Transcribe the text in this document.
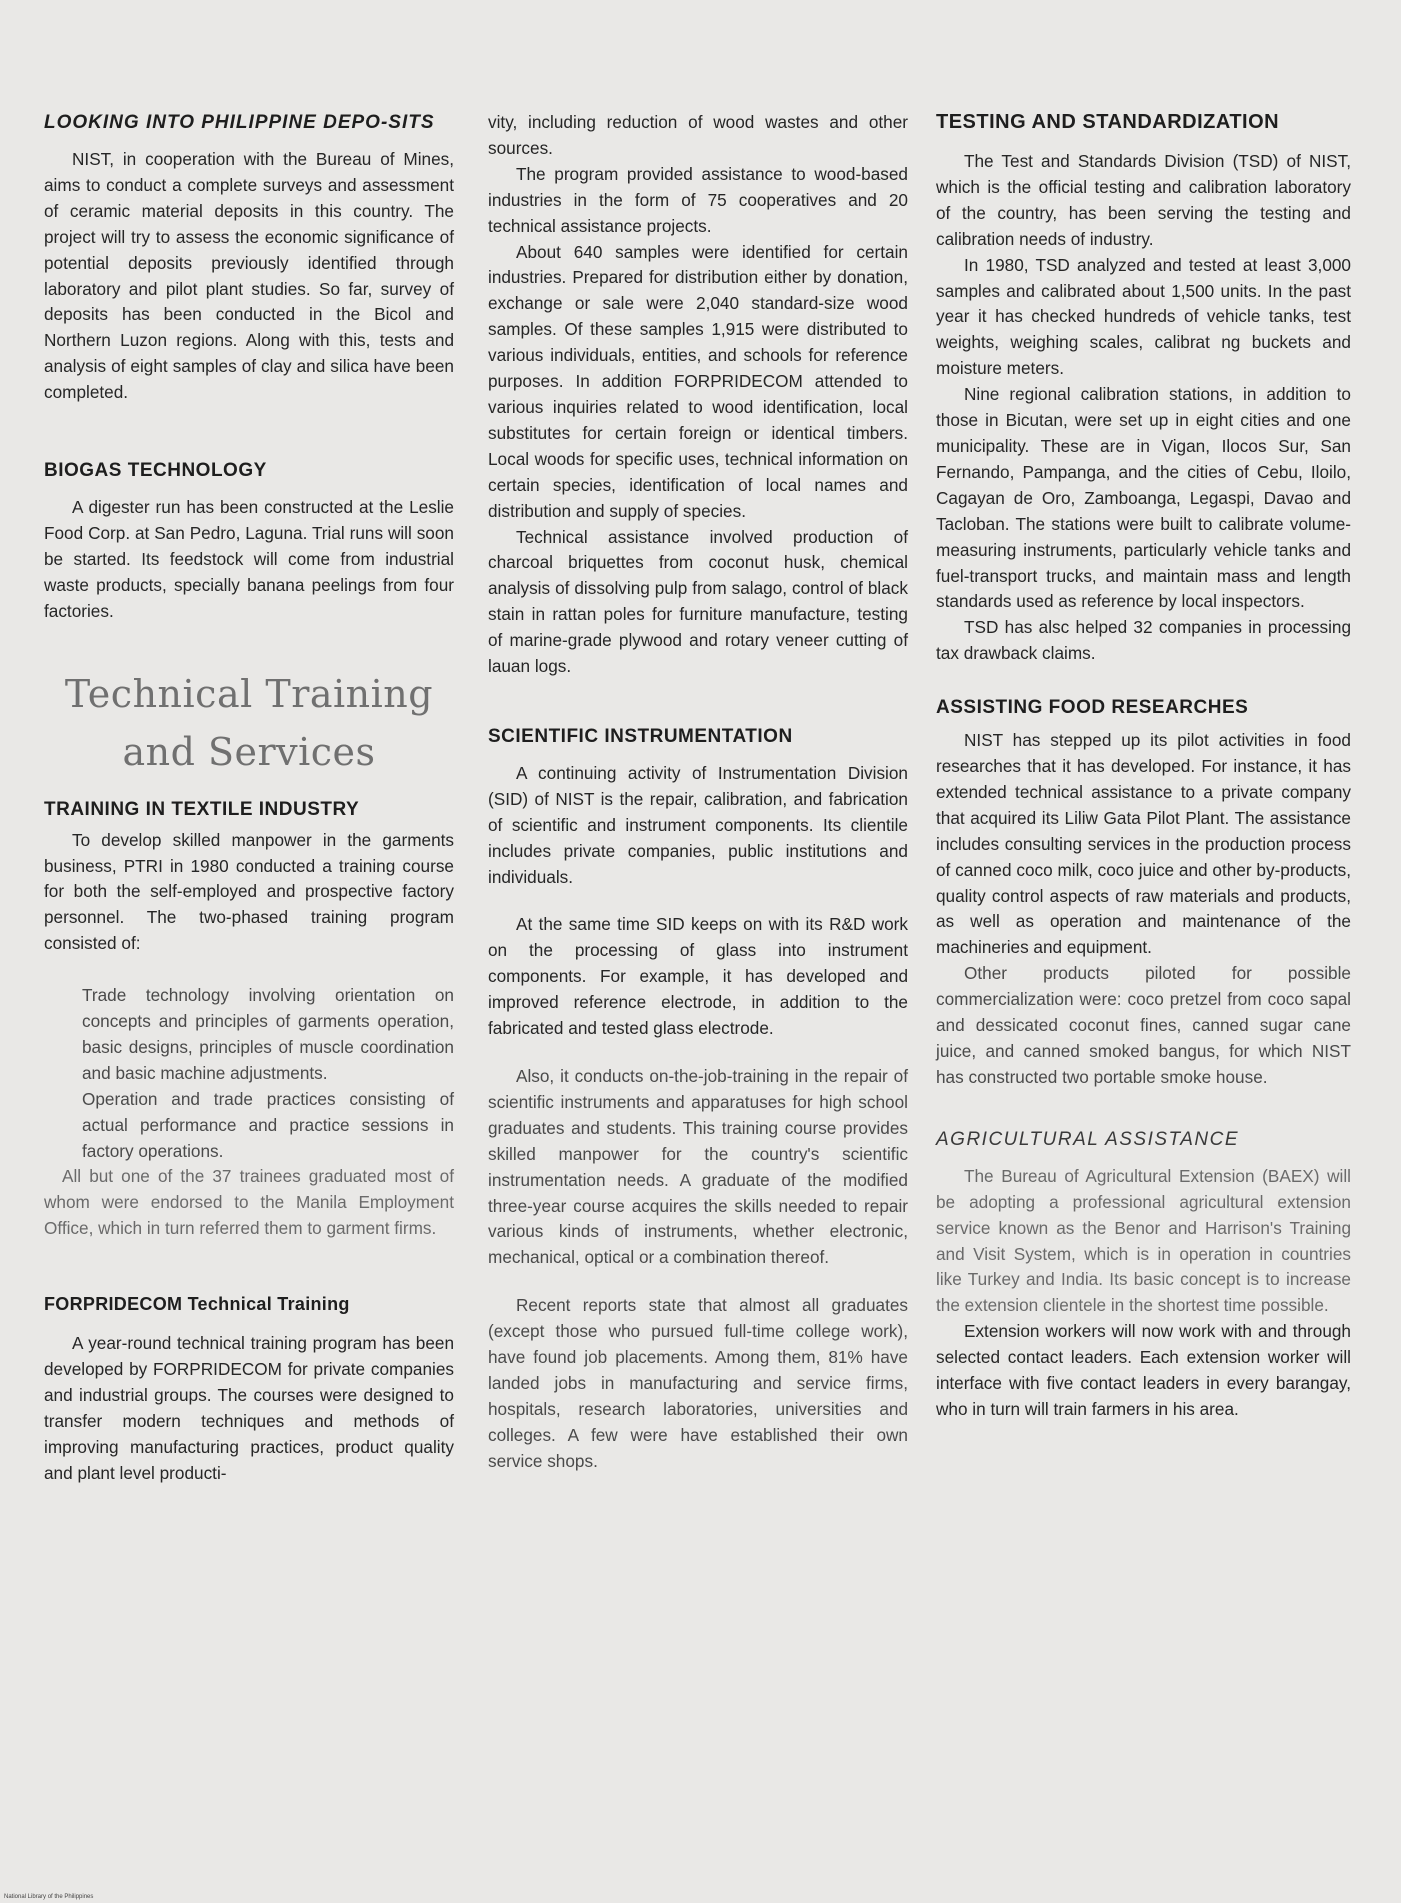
LOOKING INTO PHILIPPINE DEPO-SITS

NIST, in cooperation with the Bureau of Mines, aims to conduct a complete surveys and assessment of ceramic material deposits in this country. The project will try to assess the economic significance of potential deposits previously identified through laboratory and pilot plant studies. So far, survey of deposits has been conducted in the Bicol and Northern Luzon regions. Along with this, tests and analysis of eight samples of clay and silica have been completed.

BIOGAS TECHNOLOGY

A digester run has been constructed at the Leslie Food Corp. at San Pedro, Laguna. Trial runs will soon be started. Its feedstock will come from industrial waste products, specially banana peelings from four factories.

Technical Training
and Services
TRAINING IN TEXTILE INDUSTRY

To develop skilled manpower in the garments business, PTRI in 1980 conducted a training course for both the self-employed and prospective factory personnel. The two-phased training program consisted of:

Trade technology involving orientation on concepts and principles of garments operation, basic designs, principles of muscle coordination and basic machine adjustments.

Operation and trade practices consisting of actual performance and practice sessions in factory operations.

All but one of the 37 trainees graduated most of whom were endorsed to the Manila Employment Office, which in turn referred them to garment firms.

FORPRIDECOM Technical Training

A year-round technical training program has been developed by FORPRIDECOM for private companies and industrial groups. The courses were designed to transfer modern techniques and methods of improving manufacturing practices, product quality and plant level producti-

vity, including reduction of wood wastes and other sources.

The program provided assistance to wood-based industries in the form of 75 cooperatives and 20 technical assistance projects.

About 640 samples were identified for certain industries. Prepared for distribution either by donation, exchange or sale were 2,040 standard-size wood samples. Of these samples 1,915 were distributed to various individuals, entities, and schools for reference purposes. In addition FORPRIDECOM attended to various inquiries related to wood identification, local substitutes for certain foreign or identical timbers. Local woods for specific uses, technical information on certain species, identification of local names and distribution and supply of species.

Technical assistance involved production of charcoal briquettes from coconut husk, chemical analysis of dissolving pulp from salago, control of black stain in rattan poles for furniture manufacture, testing of marine-grade plywood and rotary veneer cutting of lauan logs.

SCIENTIFIC INSTRUMENTATION

A continuing activity of Instrumentation Division (SID) of NIST is the repair, calibration, and fabrication of scientific and instrument components. Its clientile includes private companies, public institutions and individuals.

At the same time SID keeps on with its R&D work on the processing of glass into instrument components. For example, it has developed and improved reference electrode, in addition to the fabricated and tested glass electrode.

Also, it conducts on-the-job-training in the repair of scientific instruments and apparatuses for high school graduates and students. This training course provides skilled manpower for the country's scientific instrumentation needs. A graduate of the modified three-year course acquires the skills needed to repair various kinds of instruments, whether electronic, mechanical, optical or a combination thereof.

Recent reports state that almost all graduates (except those who pursued full-time college work), have found job placements. Among them, 81% have landed jobs in manufacturing and service firms, hospitals, research laboratories, universities and colleges. A few were have established their own service shops.

TESTING AND STANDARDIZATION

The Test and Standards Division (TSD) of NIST, which is the official testing and calibration laboratory of the country, has been serving the testing and calibration needs of industry.

In 1980, TSD analyzed and tested at least 3,000 samples and calibrated about 1,500 units. In the past year it has checked hundreds of vehicle tanks, test weights, weighing scales, calibrat ng buckets and moisture meters.

Nine regional calibration stations, in addition to those in Bicutan, were set up in eight cities and one municipality. These are in Vigan, Ilocos Sur, San Fernando, Pampanga, and the cities of Cebu, Iloilo, Cagayan de Oro, Zamboanga, Legaspi, Davao and Tacloban. The stations were built to calibrate volume-measuring instruments, particularly vehicle tanks and fuel-transport trucks, and maintain mass and length standards used as reference by local inspectors.

TSD has alsc helped 32 companies in processing tax drawback claims.

ASSISTING FOOD RESEARCHES

NIST has stepped up its pilot activities in food researches that it has developed. For instance, it has extended technical assistance to a private company that acquired its Liliw Gata Pilot Plant. The assistance includes consulting services in the production process of canned coco milk, coco juice and other by-products, quality control aspects of raw materials and products, as well as operation and maintenance of the machineries and equipment.

Other products piloted for possible commercialization were: coco pretzel from coco sapal and dessicated coconut fines, canned sugar cane juice, and canned smoked bangus, for which NIST has constructed two portable smoke house.

AGRICULTURAL ASSISTANCE

The Bureau of Agricultural Extension (BAEX) will be adopting a professional agricultural extension service known as the Benor and Harrison's Training and Visit System, which is in operation in countries like Turkey and India. Its basic concept is to increase the extension clientele in the shortest time possible.

Extension workers will now work with and through selected contact leaders. Each extension worker will interface with five contact leaders in every barangay, who in turn will train farmers in his area.

National Library of the Philippines
